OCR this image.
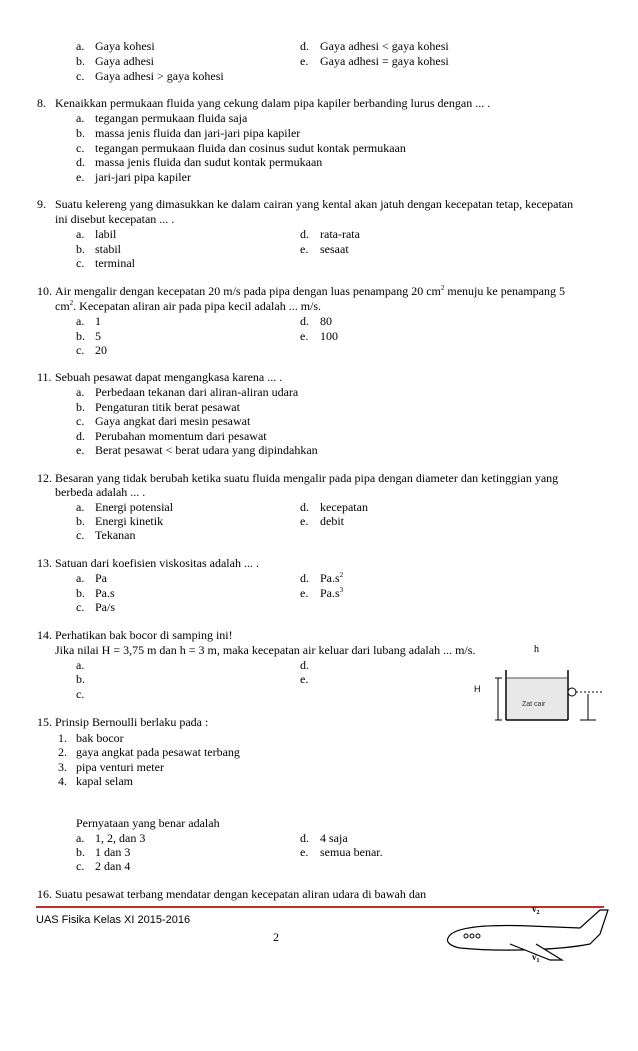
a. Gaya kohesi	d. Gaya adhesi < gaya kohesi
b. Gaya adhesi	e. Gaya adhesi = gaya kohesi
c. Gaya adhesi > gaya kohesi
8. Kenaikkan permukaan fluida yang cekung dalam pipa kapiler berbanding lurus dengan ... .
a. tegangan permukaan fluida saja
b. massa jenis fluida dan jari-jari pipa kapiler
c. tegangan permukaan fluida dan cosinus sudut kontak permukaan
d. massa jenis fluida dan sudut kontak permukaan
e. jari-jari pipa kapiler
9. Suatu kelereng yang dimasukkan ke dalam cairan yang kental akan jatuh dengan kecepatan tetap, kecepatan
ini disebut kecepatan ... .
a. labil	d. rata-rata
b. stabil	e. sesaat
c. terminal
10. Air mengalir dengan kecepatan 20 m/s pada pipa dengan luas penampang 20 $cm^2$ menuju ke penampang 5
$cm^2$. Kecepatan aliran air pada pipa kecil adalah ... m/s.
a. 1	d. 80
b. 5	e. 100
c. 20
11. Sebuah pesawat dapat mengangkasa karena ... .
a. Perbedaan tekanan dari aliran-aliran udara
b. Pengaturan titik berat pesawat
c. Gaya angkat dari mesin pesawat
d. Perubahan momentum dari pesawat
e. Berat pesawat < berat udara yang dipindahkan
12. Besaran yang tidak berubah ketika suatu fluida mengalir pada pipa dengan diameter dan ketinggian yang
berbeda adalah ... .
a. Energi potensial	d. kecepatan
b. Energi kinetik	e. debit
c. Tekanan
13. Satuan dari koefisien viskositas adalah ... .
a. Pa	d. $Pa.s^2$
b. Pa.s	e. $Pa.s^3$
c. Pa/s
14. Perhatikan bak bocor di samping ini!
Jika nilai H = 3,75 m dan h = 3 m, maka kecepatan air keluar dari lubang adalah ... m/s.
a.	d.
b.	e.
c.
h
Zat cair
H
15. Prinsip Bernoulli berlaku pada :
1. bak bocor
2. gaya angkat pada pesawat terbang
3. pipa venturi meter
4. kapal selam
Pernyataan yang benar adalah
a. 1, 2, dan 3	d. 4 saja
b. 1 dan 3	e. semua benar.
c. 2 dan 4
16. Suatu pesawat terbang mendatar dengan kecepatan aliran udara di bawah dan
UAS Fisika Kelas XI 2015-2016
2
$v_2$
$v_1$
